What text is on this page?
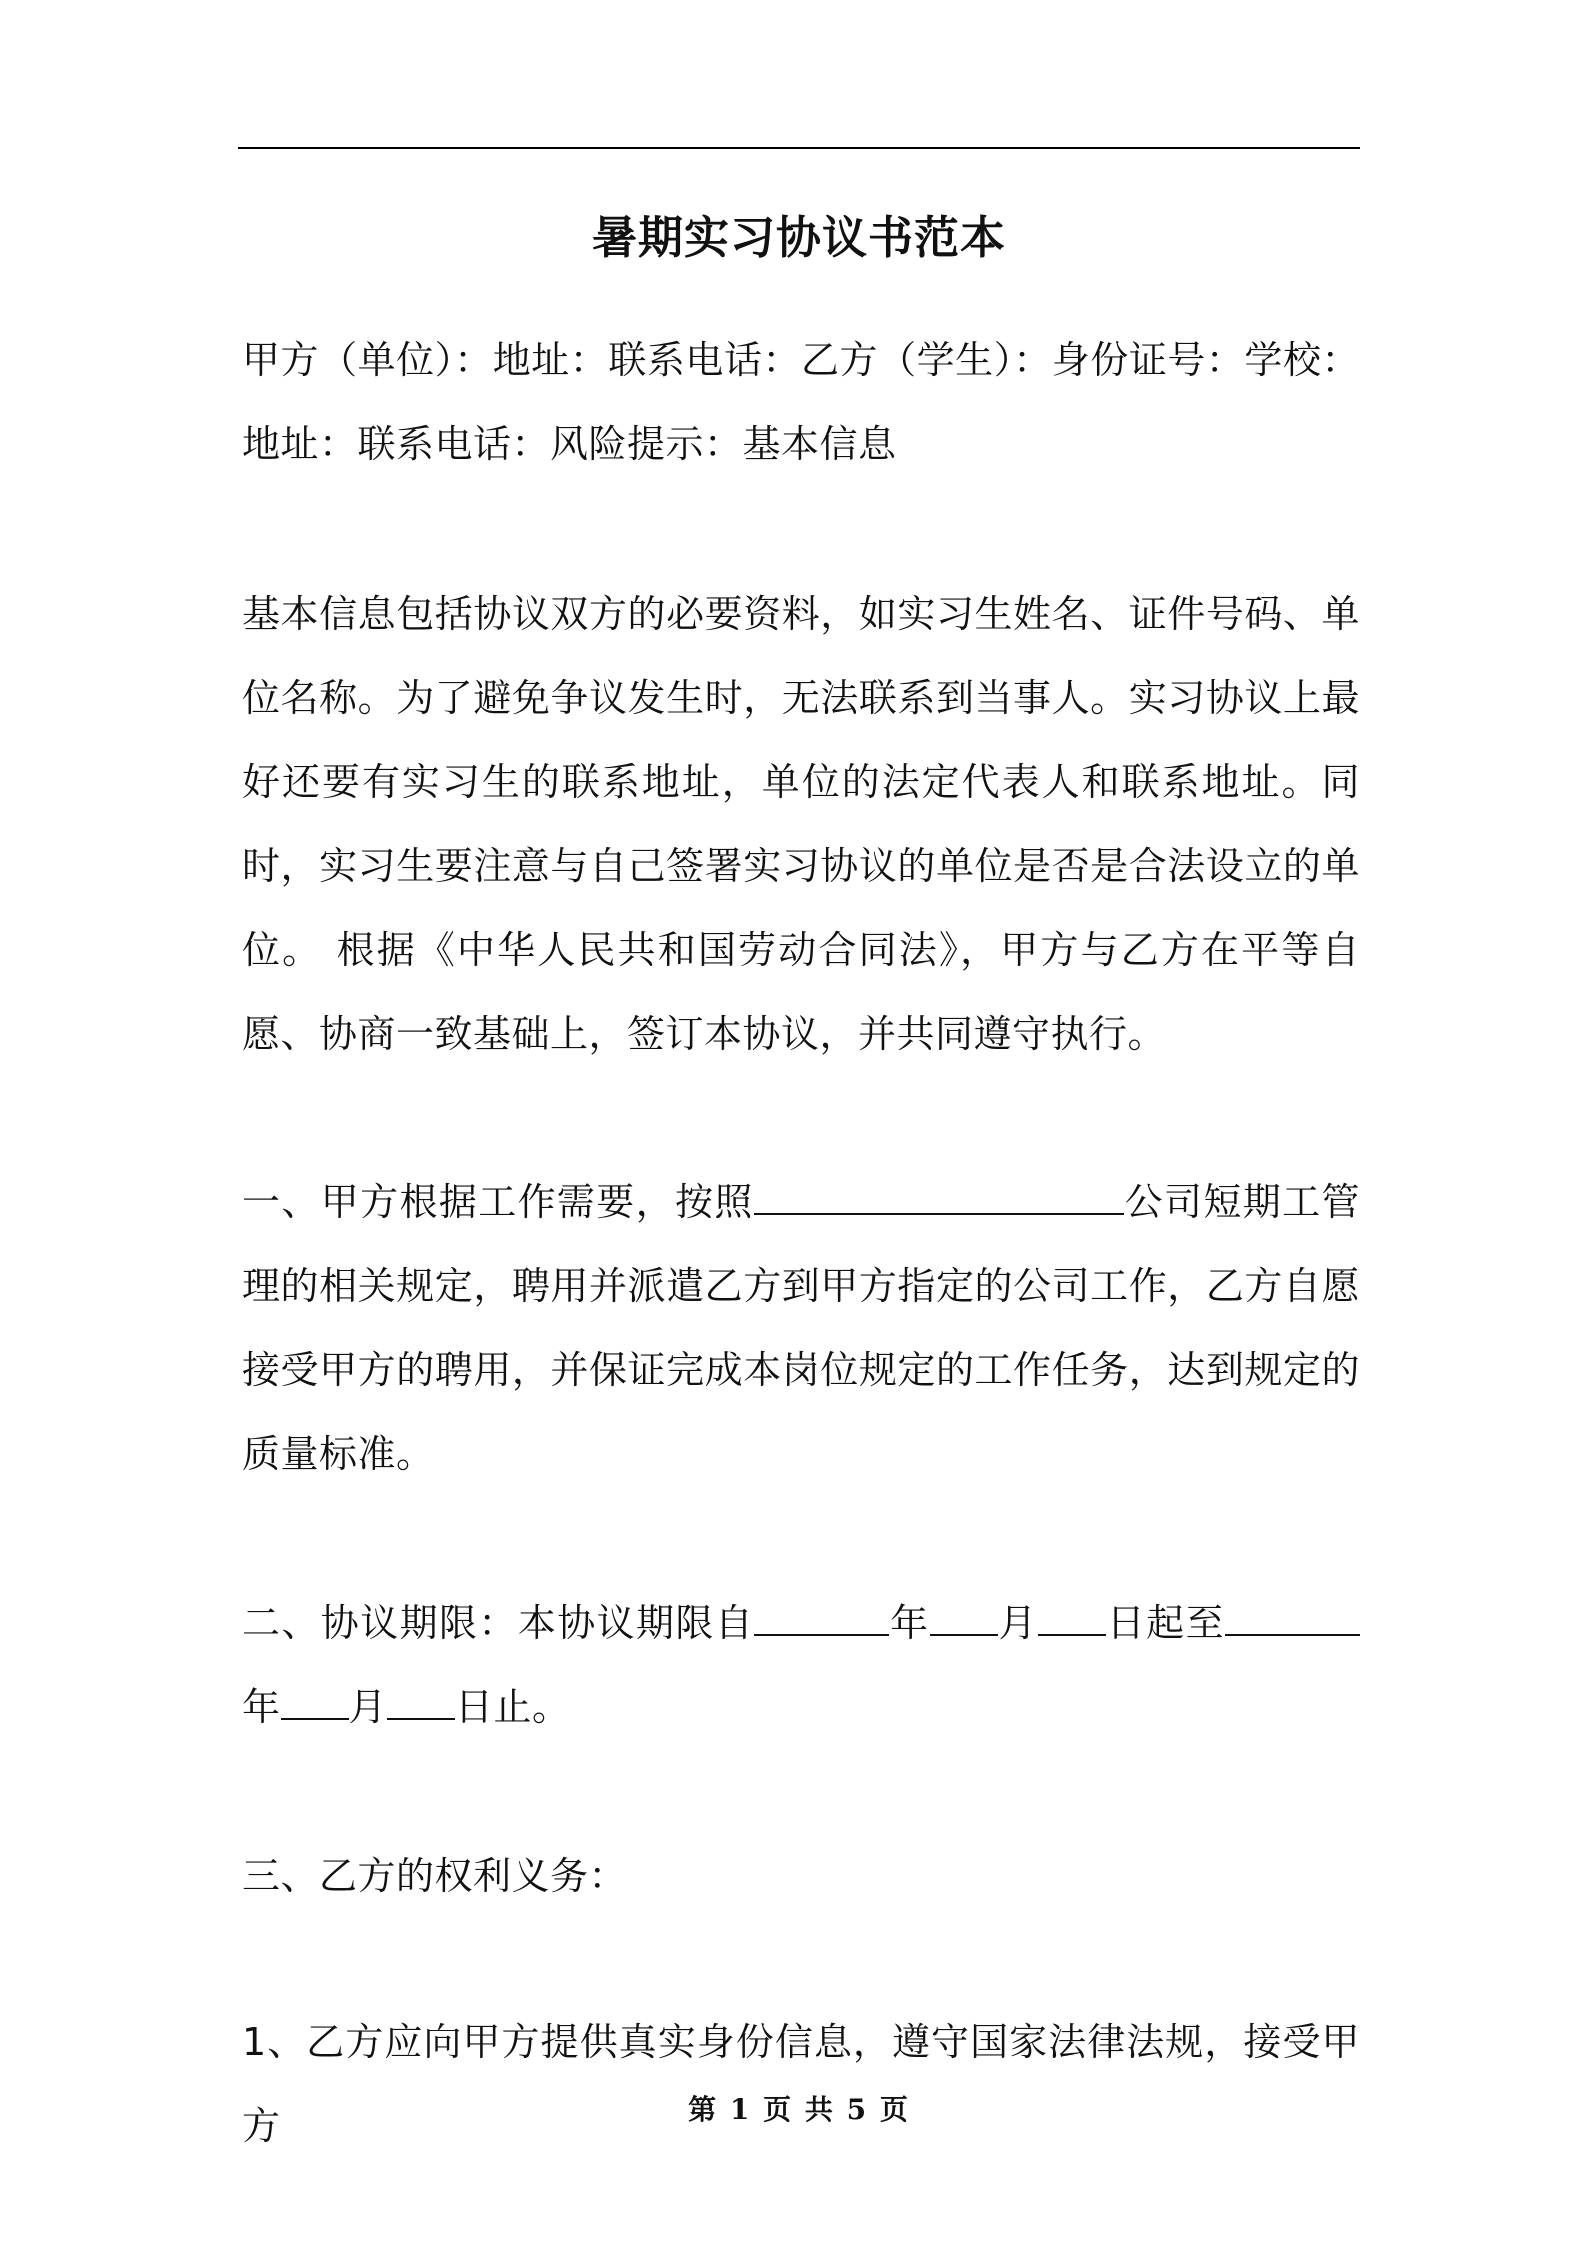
暑期实习协议书范本

甲方（单位）：地址：联系电话：乙方（学生）：身份证号：学校：地址：联系电话：风险提示：基本信息

基本信息包括协议双方的必要资料，如实习生姓名、证件号码、单位名称。为了避免争议发生时，无法联系到当事人。实习协议上最好还要有实习生的联系地址，单位的法定代表人和联系地址。同时，实习生要注意与自己签署实习协议的单位是否是合法设立的单位。 根据《中华人民共和国劳动合同法》，甲方与乙方在平等自愿、协商一致基础上，签订本协议，并共同遵守执行。

一、甲方根据工作需要，按照	公司短期工管理的相关规定，聘用并派遣乙方到甲方指定的公司工作，乙方自愿接受甲方的聘用，并保证完成本岗位规定的工作任务，达到规定的质量标准。

二、协议期限：本协议期限自	年 月 日起至年 月 日止。

三、乙方的权利义务：

1、乙方应向甲方提供真实身份信息，遵守国家法律法规，接受甲方	第 1 页 共 5 页
